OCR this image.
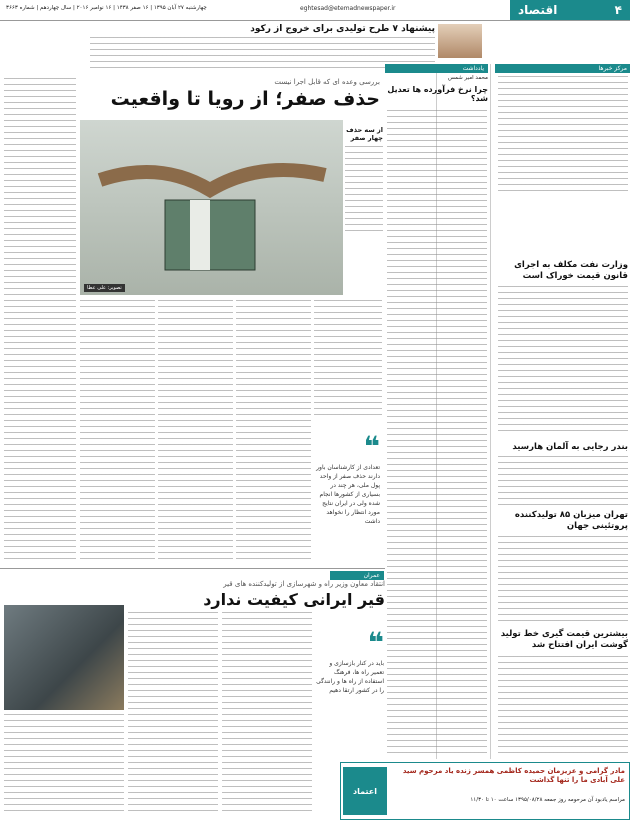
۴
اقتصاد
eghtesad@etemadnewspaper.ir
چهارشنبه ۲۷ آبان ۱۳۹۵ | ۱۶ صفر ۱۴۳۸ | ۱۶ نوامبر ۲۰۱۶ | سال چهاردهم | شماره ۳۶۶۳
پیشنهاد ۷ طرح تولیدی برای خروج از رکود
مرکز خبرها
وزارت نفت مکلف به اجرای قانون قیمت خوراک است
بندر رجایی به آلمان هارسید
تهران میزبان ۸۵ تولیدکننده پروتئینی جهان
بیشترین قیمت گیری خط تولید گوشت ایران افتتاح شد
یادداشت
محمد امیر شمس
چرا نرخ فرآورده ها تعدیل شد؟
بررسی وعده ای که قابل اجرا نیست
حذف صفر؛ از رویا تا واقعیت
تصویر: علی عطا
از سه حذف چهار صفر
❝
تعدادی از کارشناسان باور دارند حذف صفر از واحد پول ملی، هر چند در بسیاری از کشورها انجام شده ولی در ایران نتایج مورد انتظار را نخواهد داشت
عمران
انتقاد معاون وزیر راه و شهرسازی از تولیدکننده های قیر
قیر ایرانی کیفیت ندارد
❝
باید در کنار بازسازی و تعمیر راه ها، فرهنگ استفاده از راه ها و رانندگی را در کشور ارتقا دهیم
مادر گرامی و عزیزمان حمیده کاظمی همسر زنده یاد مرحوم سید علی آبادی ما را تنها گذاشت
مراسم یادبود آن مرحومه روز جمعه ۱۳۹۵/۰۸/۲۸ ساعت ۱۰ تا ۱۱/۳۰
اعتماد
